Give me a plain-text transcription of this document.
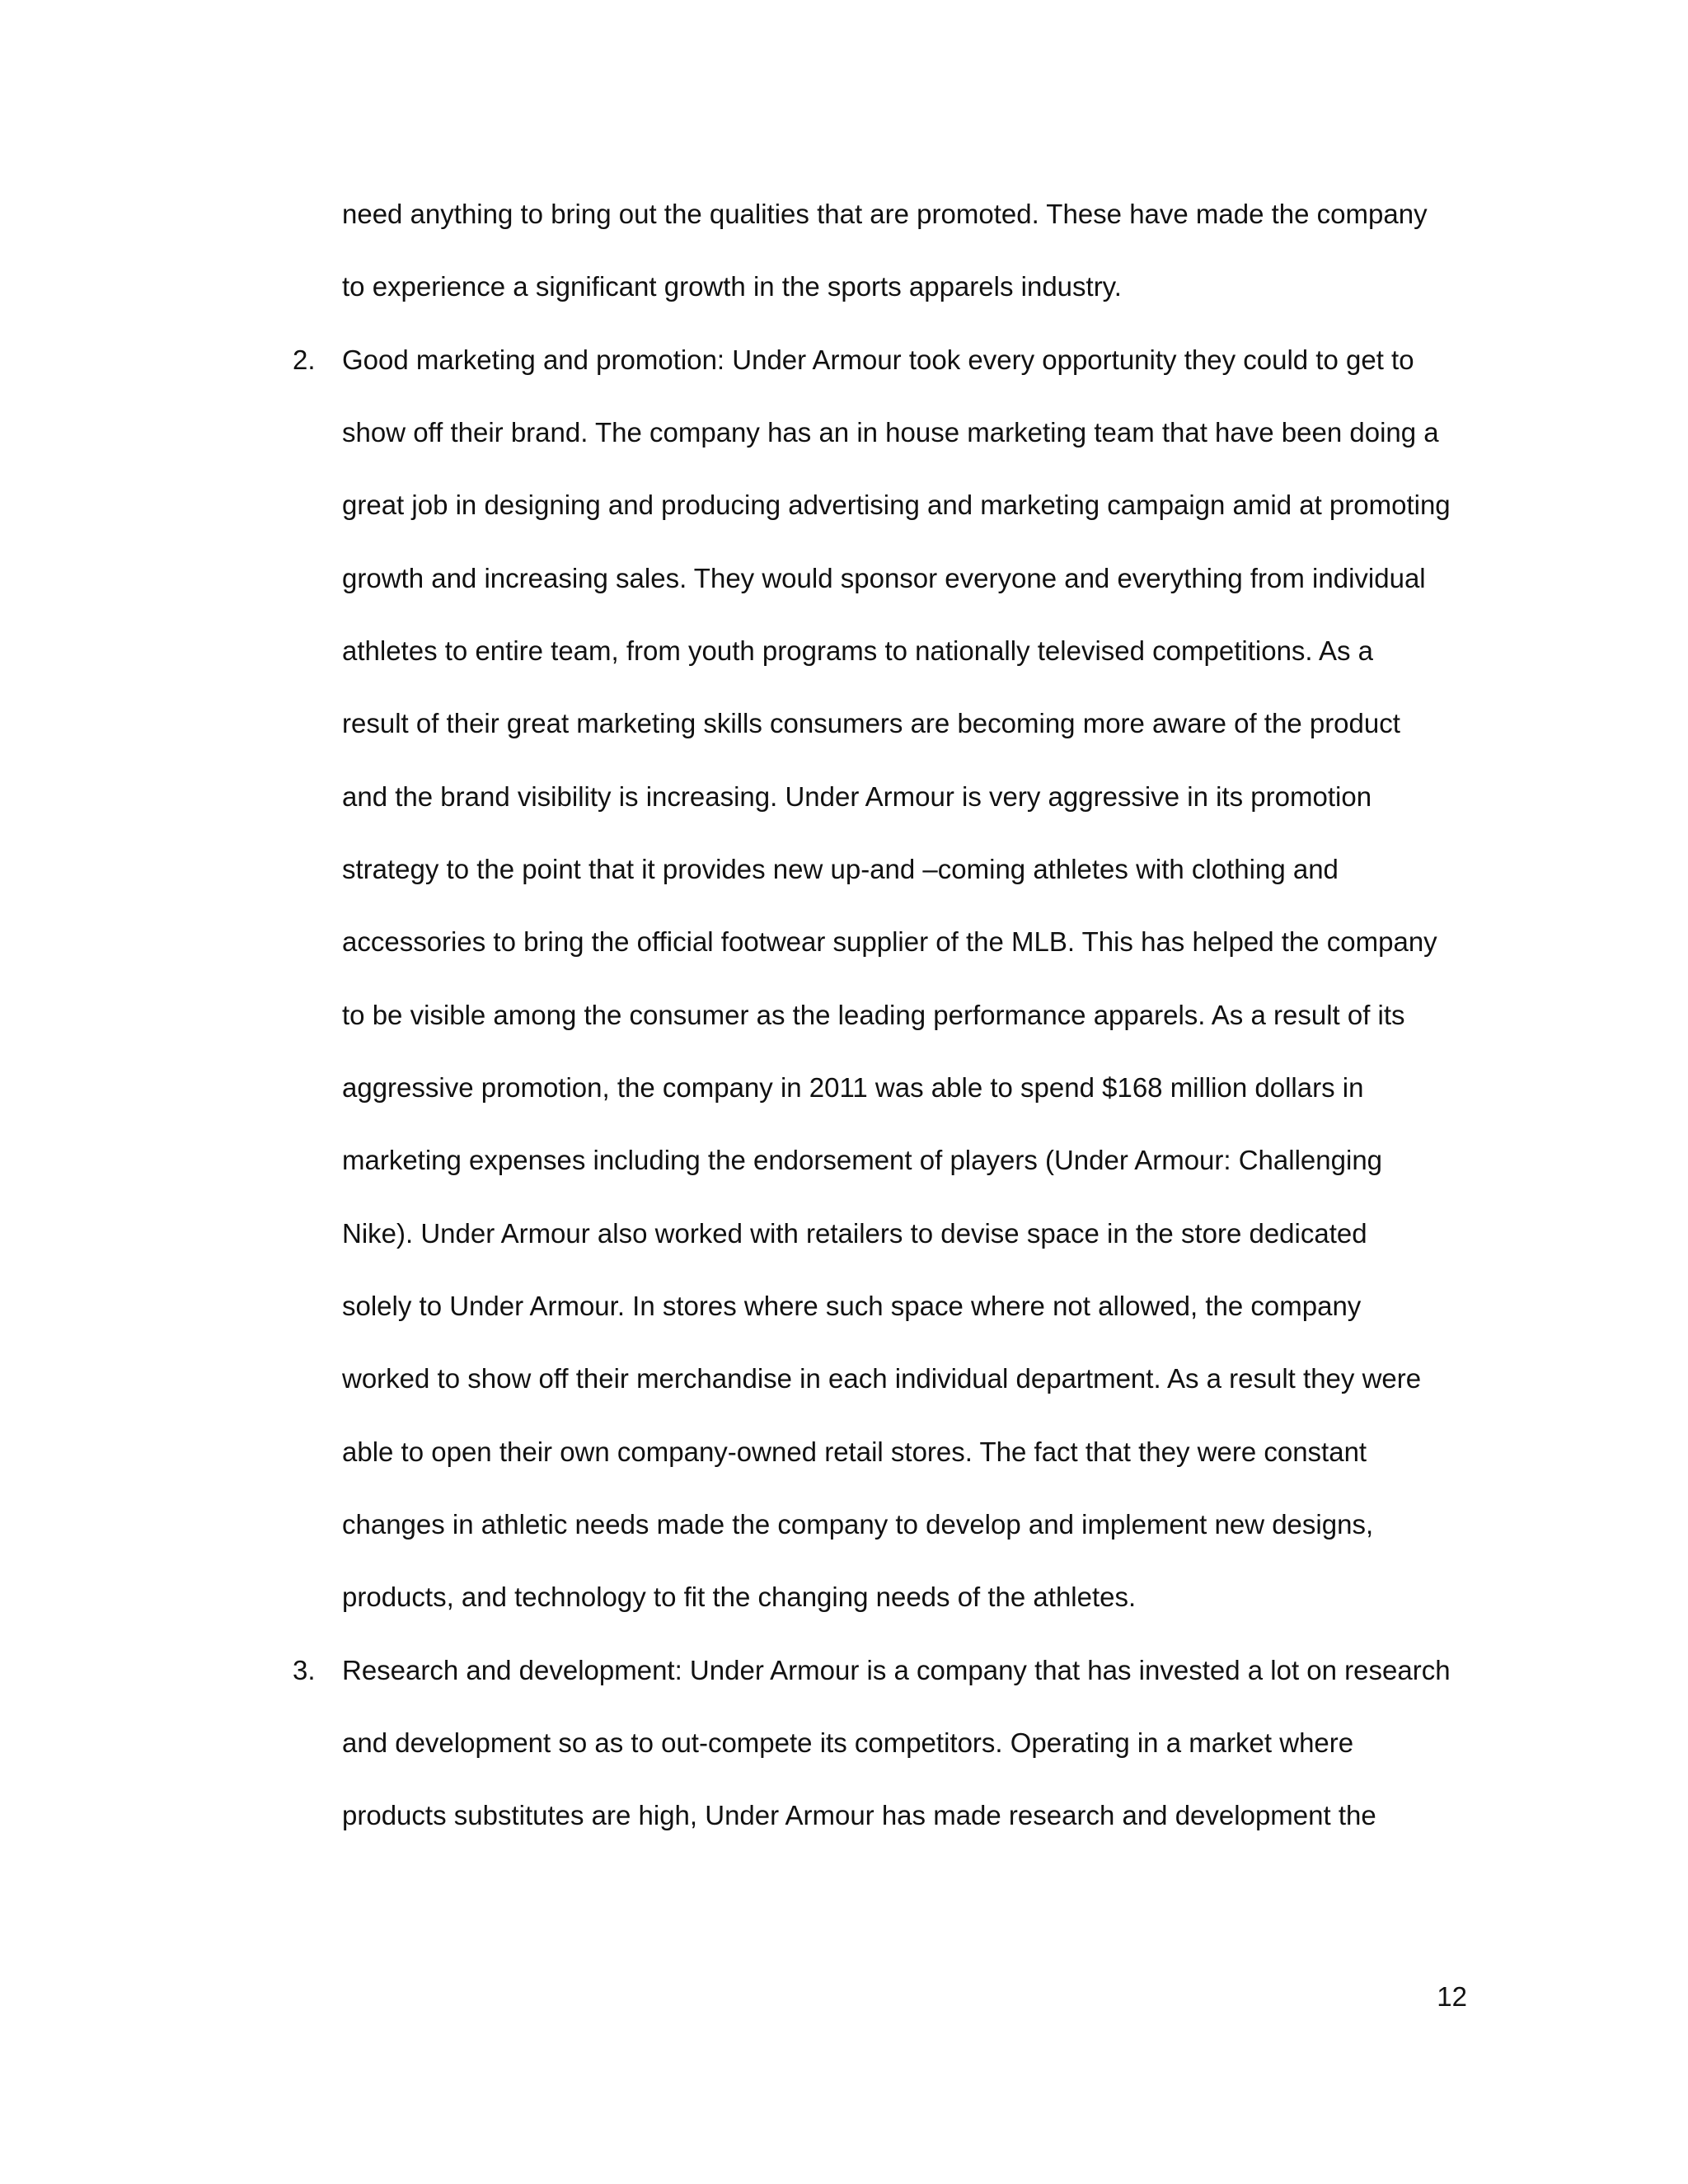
need anything to bring out the qualities that are promoted. These have made the company
to experience a significant growth in the sports apparels industry.
2. Good marketing and promotion: Under Armour took every opportunity they could to get to
show off their brand. The company has an in house marketing team that have been doing a
great job in designing and producing advertising and marketing campaign amid at promoting
growth and increasing sales. They would sponsor everyone and everything from individual
athletes to entire team, from youth programs to nationally televised competitions. As a
result of their great marketing skills consumers are becoming more aware of the product
and the brand visibility is increasing. Under Armour is very aggressive in its promotion
strategy to the point that it provides new up-and –coming athletes with clothing and
accessories to bring the official footwear supplier of the MLB. This has helped the company
to be visible among the consumer as the leading performance apparels. As a result of its
aggressive promotion, the company in 2011 was able to spend $168 million dollars in
marketing expenses including the endorsement of players (Under Armour: Challenging
Nike). Under Armour also worked with retailers to devise space in the store dedicated
solely to Under Armour. In stores where such space where not allowed, the company
worked to show off their merchandise in each individual department. As a result they were
able to open their own company-owned retail stores. The fact that they were constant
changes in athletic needs made the company to develop and implement new designs,
products, and technology to fit the changing needs of the athletes.
3. Research and development: Under Armour is a company that has invested a lot on research
and development so as to out-compete its competitors. Operating in a market where
products substitutes are high, Under Armour has made research and development the
12
